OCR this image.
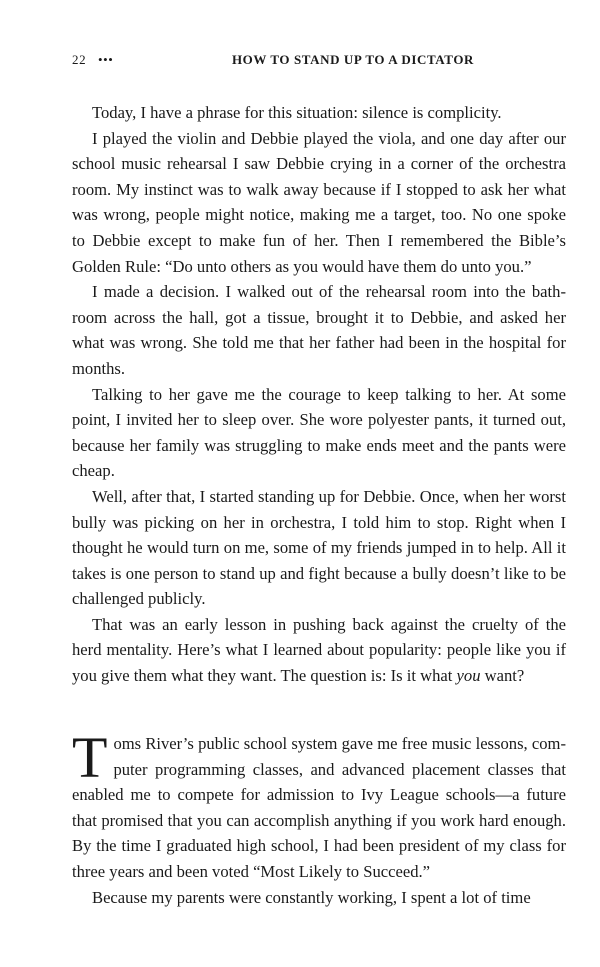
22 •••	HOW TO STAND UP TO A DICTATOR

Today, I have a phrase for this situation: silence is complicity.

I played the violin and Debbie played the viola, and one day after our school music rehearsal I saw Debbie crying in a corner of the orchestra room. My instinct was to walk away because if I stopped to ask her what was wrong, people might notice, making me a target, too. No one spoke to Debbie except to make fun of her. Then I remembered the Bible’s Golden Rule: “Do unto others as you would have them do unto you.”

I made a decision. I walked out of the rehearsal room into the bathroom across the hall, got a tissue, brought it to Debbie, and asked her what was wrong. She told me that her father had been in the hospital for months.

Talking to her gave me the courage to keep talking to her. At some point, I invited her to sleep over. She wore polyester pants, it turned out, because her family was struggling to make ends meet and the pants were cheap.

Well, after that, I started standing up for Debbie. Once, when her worst bully was picking on her in orchestra, I told him to stop. Right when I thought he would turn on me, some of my friends jumped in to help. All it takes is one person to stand up and fight because a bully doesn’t like to be challenged publicly.

That was an early lesson in pushing back against the cruelty of the herd mentality. Here’s what I learned about popularity: people like you if you give them what they want. The question is: Is it what you want?

Toms River’s public school system gave me free music lessons, computer programming classes, and advanced placement classes that enabled me to compete for admission to Ivy League schools—a future that promised that you can accomplish anything if you work hard enough. By the time I graduated high school, I had been president of my class for three years and been voted “Most Likely to Succeed.”

Because my parents were constantly working, I spent a lot of time
